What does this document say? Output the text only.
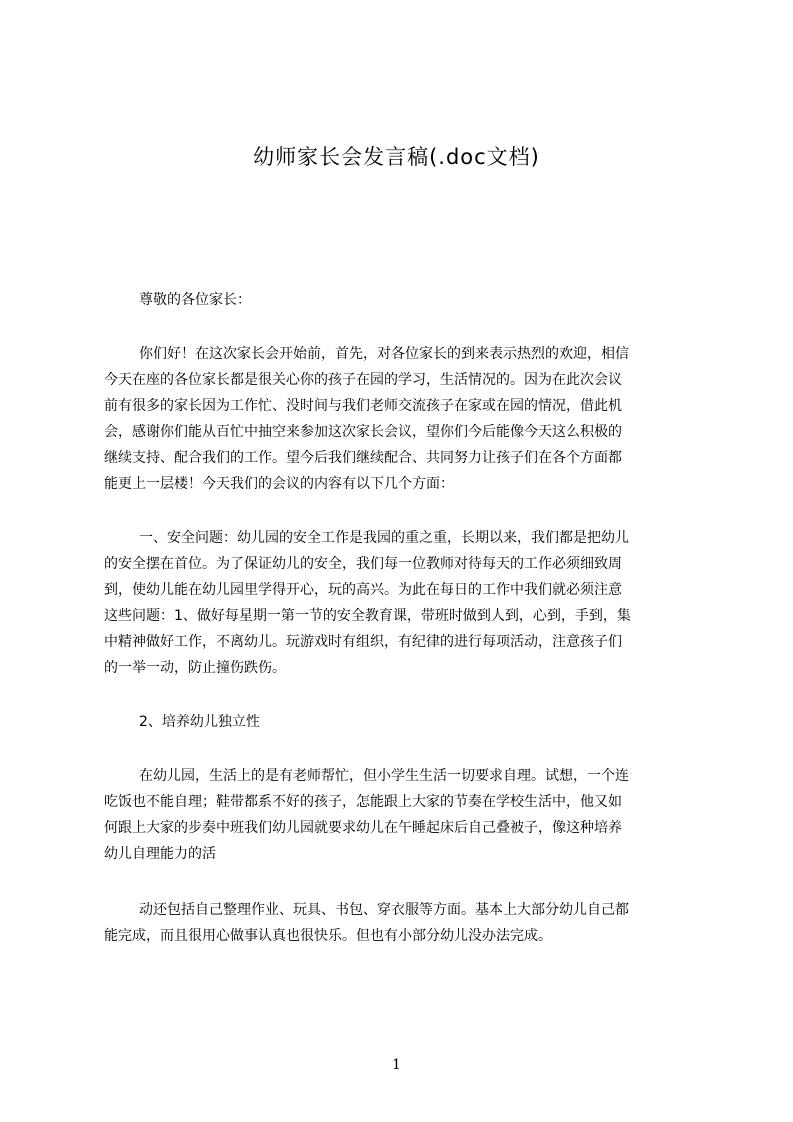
幼师家长会发言稿(.doc文档)
尊敬的各位家长：
你们好！在这次家长会开始前，首先，对各位家长的到来表示热烈的欢迎，相信
今天在座的各位家长都是很关心你的孩子在园的学习，生活情况的。因为在此次会议
前有很多的家长因为工作忙、没时间与我们老师交流孩子在家或在园的情况，借此机
会，感谢你们能从百忙中抽空来参加这次家长会议，望你们今后能像今天这么积极的
继续支持、配合我们的工作。望今后我们继续配合、共同努力让孩子们在各个方面都
能更上一层楼！今天我们的会议的内容有以下几个方面：
一、安全问题：幼儿园的安全工作是我园的重之重，长期以来，我们都是把幼儿
的安全摆在首位。为了保证幼儿的安全，我们每一位教师对待每天的工作必须细致周
到，使幼儿能在幼儿园里学得开心，玩的高兴。为此在每日的工作中我们就必须注意
这些问题：1、做好每星期一第一节的安全教育课，带班时做到人到，心到，手到，集
中精神做好工作，不离幼儿。玩游戏时有组织，有纪律的进行每项活动，注意孩子们
的一举一动，防止撞伤跌伤。
2、培养幼儿独立性
在幼儿园，生活上的是有老师帮忙，但小学生生活一切要求自理。试想，一个连
吃饭也不能自理；鞋带都系不好的孩子，怎能跟上大家的节奏在学校生活中，他又如
何跟上大家的步奏中班我们幼儿园就要求幼儿在午睡起床后自己叠被子，像这种培养
幼儿自理能力的活
动还包括自己整理作业、玩具、书包、穿衣服等方面。基本上大部分幼儿自己都
能完成，而且很用心做事认真也很快乐。但也有小部分幼儿没办法完成。
1
